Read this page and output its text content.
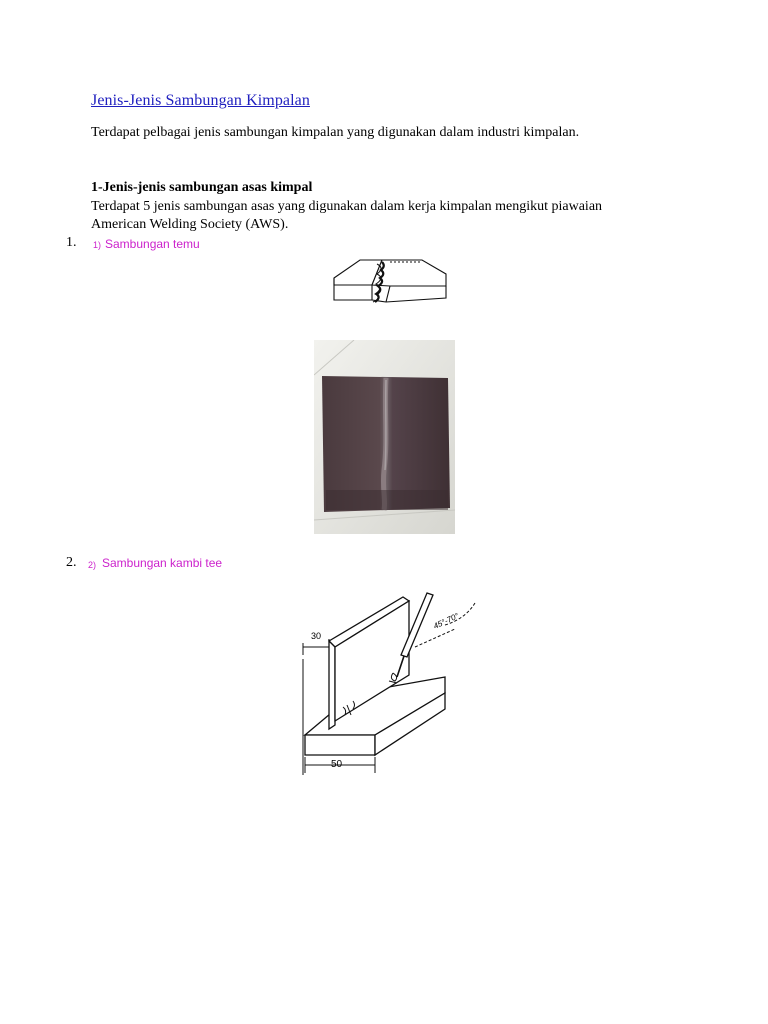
Jenis-Jenis Sambungan Kimpalan
Terdapat pelbagai jenis sambungan kimpalan yang digunakan dalam industri kimpalan.
1-Jenis-jenis sambungan asas kimpal
Terdapat 5 jenis sambungan asas yang digunakan dalam kerja kimpalan mengikut piawaian
American Welding Society (AWS).
1. 1) Sambungan temu
2. 2) Sambungan kambi tee
30
50
45°-70°
